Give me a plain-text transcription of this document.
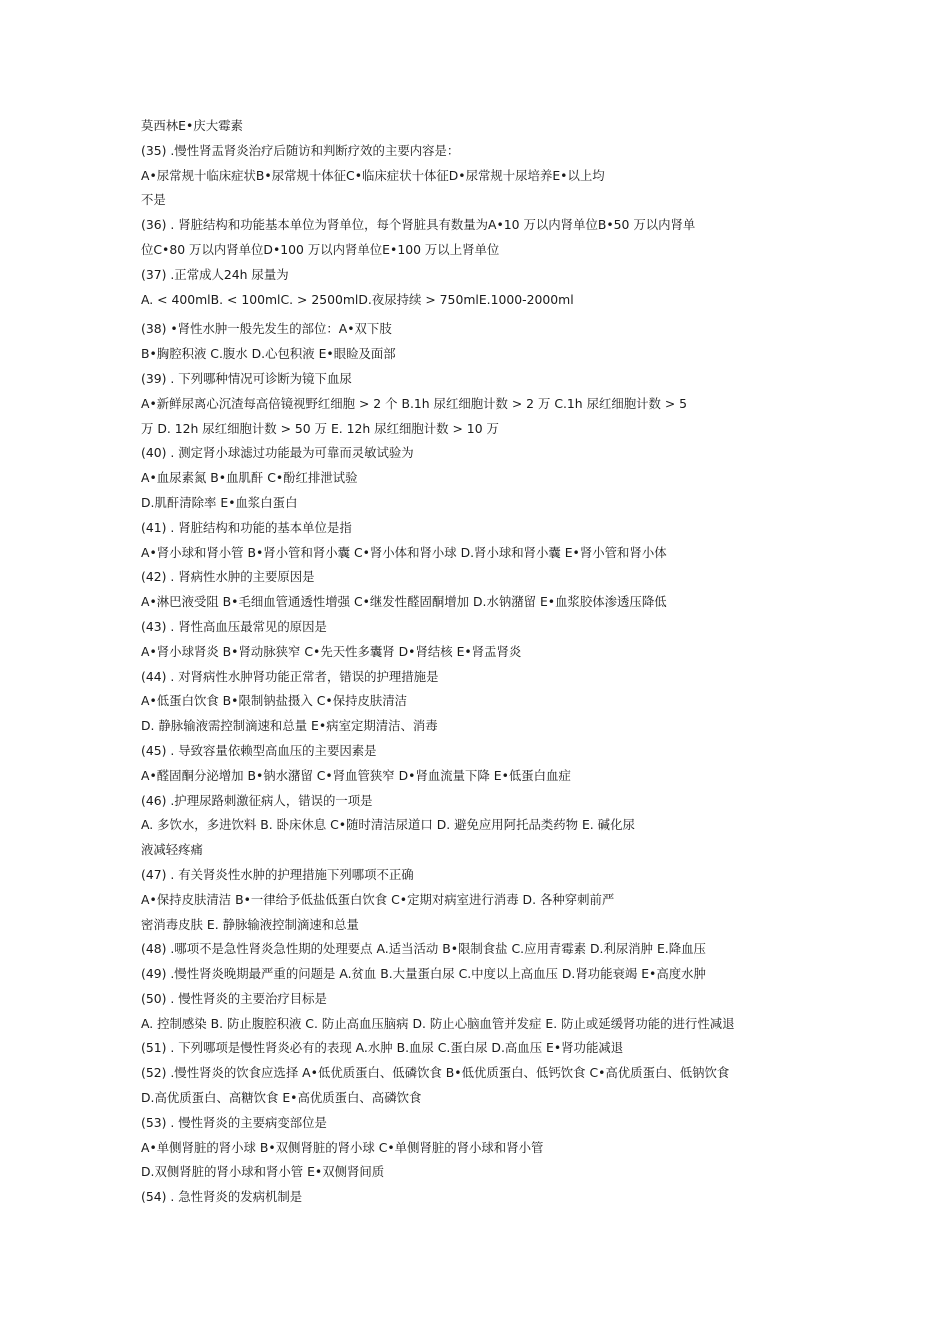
莫西林E•庆大霉素
(35) .慢性肾盂肾炎治疗后随访和判断疗效的主要内容是：
A•尿常规十临床症状B•尿常规十体征C•临床症状十体征D•尿常规十尿培养E•以上均
不是
(36) . 肾脏结构和功能基本单位为肾单位，每个肾脏具有数量为A•10 万以内肾单位B•50 万以内肾单
位C•80 万以内肾单位D•100 万以内肾单位E•100 万以上肾单位
(37) .正常成人24h 尿量为
A. < 400mlB. < 100mlC. > 2500mlD.夜尿持续 > 750mlE.1000-2000ml
(38) •肾性水肿一般先发生的部位：A•双下肢
B•胸腔积液 C.腹水 D.心包积液 E•眼睑及面部
(39) . 下列哪种情况可诊断为镜下血尿
A•新鲜尿离心沉渣每高倍镜视野红细胞 > 2 个 B.1h 尿红细胞计数 > 2 万 C.1h 尿红细胞计数 > 5
万 D. 12h 尿红细胞计数 > 50 万 E. 12h 尿红细胞计数 > 10 万
(40) . 测定肾小球滤过功能最为可靠而灵敏试验为
A•血尿素氮 B•血肌酐 C•酚红排泄试验
D.肌酐清除率 E•血浆白蛋白
(41) . 肾脏结构和功能的基本单位是指
A•肾小球和肾小管 B•肾小管和肾小囊 C•肾小体和肾小球 D.肾小球和肾小囊 E•肾小管和肾小体
(42) . 肾病性水肿的主要原因是
A•淋巴液受阻 B•毛细血管通透性增强 C•继发性醛固酮增加 D.水钠潴留 E•血浆胶体渗透压降低
(43) . 肾性高血压最常见的原因是
A•肾小球肾炎 B•肾动脉狭窄 C•先天性多囊肾 D•肾结核 E•肾盂肾炎
(44) . 对肾病性水肿肾功能正常者，错误的护理措施是
A•低蛋白饮食 B•限制钠盐摄入 C•保持皮肤清洁
D. 静脉输液需控制滴速和总量 E•病室定期清洁、消毒
(45) . 导致容量依赖型高血压的主要因素是
A•醛固酮分泌增加 B•钠水潴留 C•肾血管狭窄 D•肾血流量下降 E•低蛋白血症
(46) .护理尿路刺激征病人，错误的一项是
A. 多饮水，多进饮料 B. 卧床休息 C•随时清洁尿道口 D. 避免应用阿托品类药物 E. 碱化尿
液减轻疼痛
(47) . 有关肾炎性水肿的护理措施下列哪项不正确
A•保持皮肤清洁 B•一律给予低盐低蛋白饮食 C•定期对病室进行消毒 D. 各种穿刺前严
密消毒皮肤 E. 静脉输液控制滴速和总量
(48) .哪项不是急性肾炎急性期的处理要点 A.适当活动 B•限制食盐 C.应用青霉素 D.利尿消肿 E.降血压
(49) .慢性肾炎晚期最严重的问题是 A.贫血 B.大量蛋白尿 C.中度以上高血压 D.肾功能衰竭 E•高度水肿
(50) . 慢性肾炎的主要治疗目标是
A. 控制感染 B. 防止腹腔积液 C. 防止高血压脑病 D. 防止心脑血管并发症 E. 防止或延缓肾功能的进行性减退
(51) . 下列哪项是慢性肾炎必有的表现 A.水肿 B.血尿 C.蛋白尿 D.高血压 E•肾功能减退
(52) .慢性肾炎的饮食应选择 A•低优质蛋白、低磷饮食 B•低优质蛋白、低钙饮食 C•高优质蛋白、低钠饮食
D.高优质蛋白、高糖饮食 E•高优质蛋白、高磷饮食
(53) . 慢性肾炎的主要病变部位是
A•单侧肾脏的肾小球 B•双侧肾脏的肾小球 C•单侧肾脏的肾小球和肾小管
D.双侧肾脏的肾小球和肾小管 E•双侧肾间质
(54) . 急性肾炎的发病机制是
